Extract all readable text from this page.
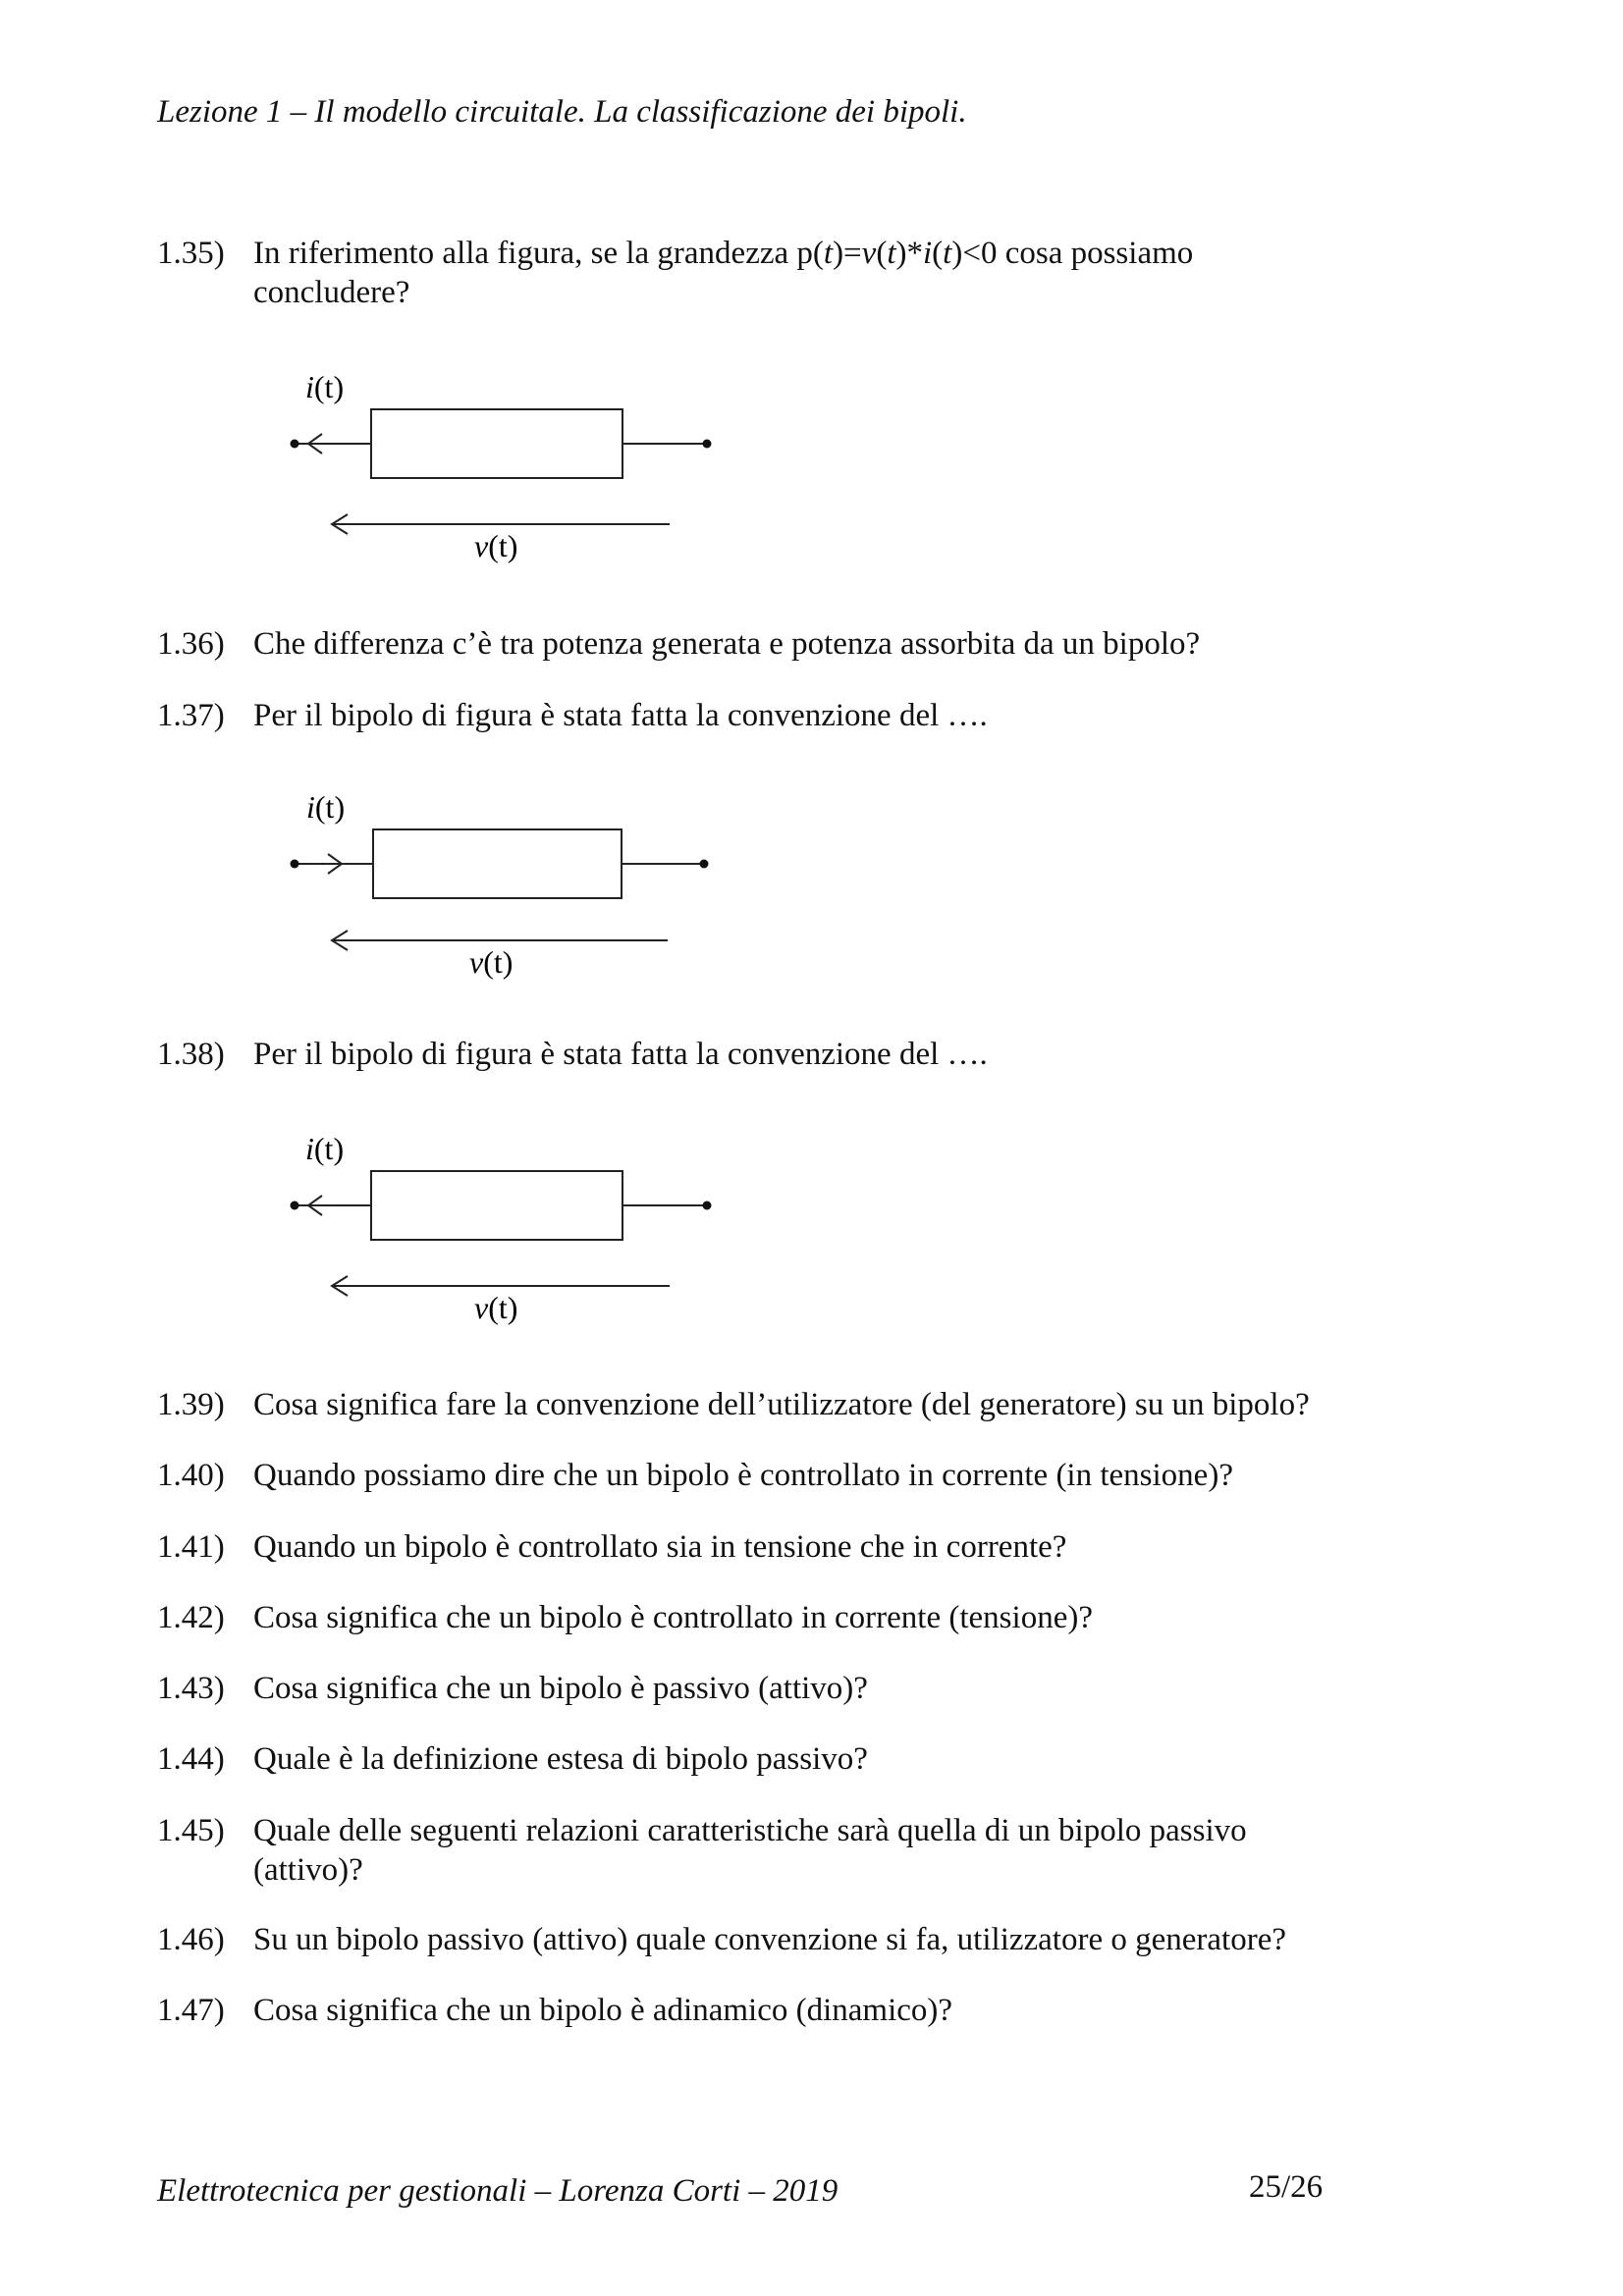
Lezione 1 – Il modello circuitale. La classificazione dei bipoli.
1.35) In riferimento alla figura, se la grandezza p(t)=v(t)*i(t)<0 cosa possiamo
concludere?
i(t)
v(t)
1.36) Che differenza c’è tra potenza generata e potenza assorbita da un bipolo?
1.37) Per il bipolo di figura è stata fatta la convenzione del ….
i(t)
v(t)
1.38) Per il bipolo di figura è stata fatta la convenzione del ….
i(t)
v(t)
1.39) Cosa significa fare la convenzione dell’utilizzatore (del generatore) su un bipolo?
1.40) Quando possiamo dire che un bipolo è controllato in corrente (in tensione)?
1.41) Quando un bipolo è controllato sia in tensione che in corrente?
1.42) Cosa significa che un bipolo è controllato in corrente (tensione)?
1.43) Cosa significa che un bipolo è passivo (attivo)?
1.44) Quale è la definizione estesa di bipolo passivo?
1.45) Quale delle seguenti relazioni caratteristiche sarà quella di un bipolo passivo
(attivo)?
1.46) Su un bipolo passivo (attivo) quale convenzione si fa, utilizzatore o generatore?
1.47) Cosa significa che un bipolo è adinamico (dinamico)?
Elettrotecnica per gestionali – Lorenza Corti – 2019	25/26
